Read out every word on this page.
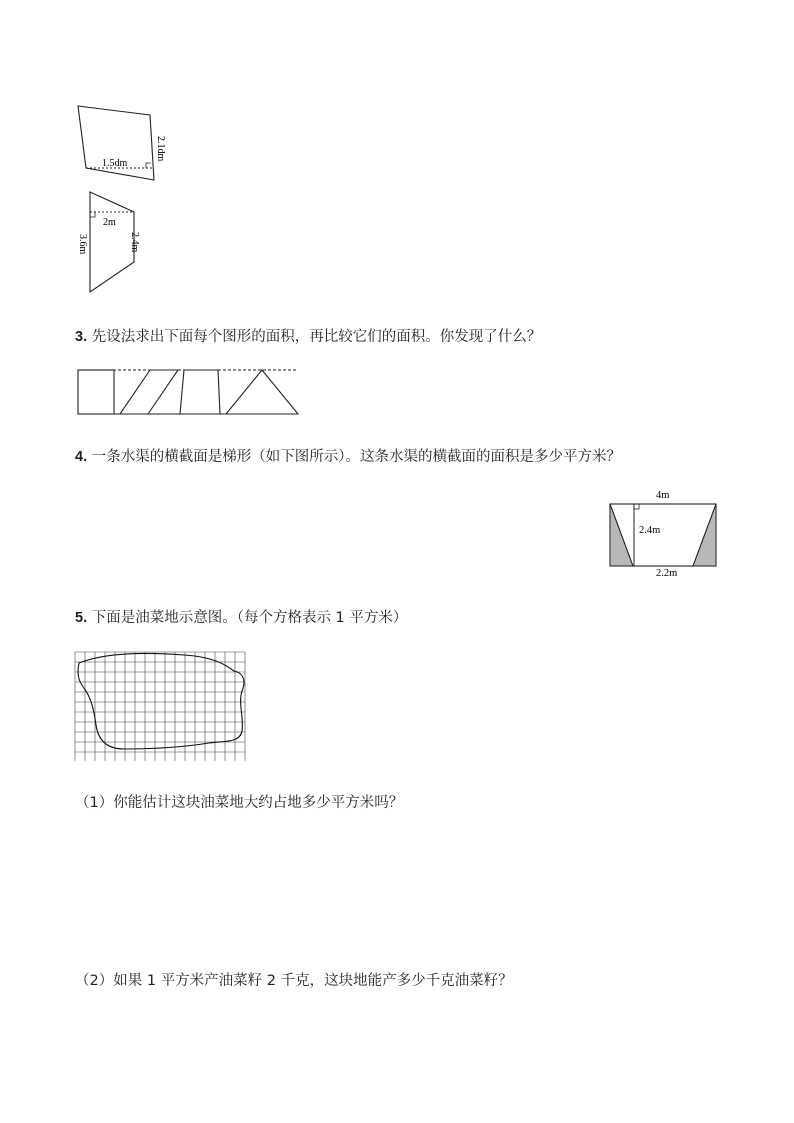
1.5dm
2.1dm
2m
3.6m	2.4m
3. 先设法求出下面每个图形的面积，再比较它们的面积。你发现了什么？
4. 一条水渠的横截面是梯形（如下图所示）。这条水渠的横截面的面积是多少平方米？
4m
2.4m
2.2m
5. 下面是油菜地示意图。（每个方格表示 1 平方米）
（1）你能估计这块油菜地大约占地多少平方米吗？
（2）如果 1 平方米产油菜籽 2 千克，这块地能产多少千克油菜籽？
